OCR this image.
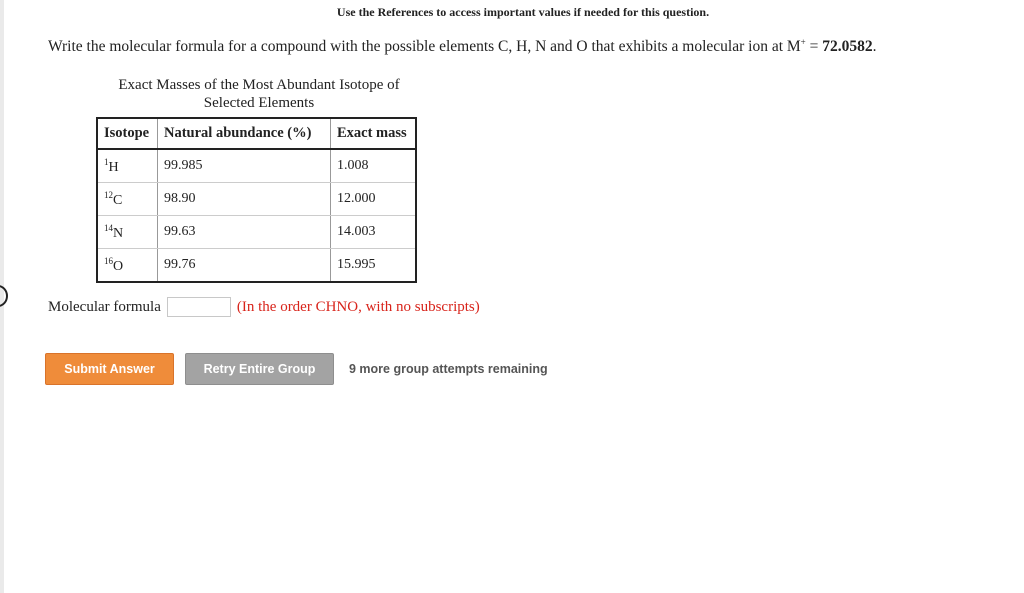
Use the References to access important values if needed for this question.
Write the molecular formula for a compound with the possible elements C, H, N and O that exhibits a molecular ion at M+ = 72.0582.
Exact Masses of the Most Abundant Isotope of
Selected Elements
Isotope	Natural abundance (%)	Exact mass
$^1$H	99.985	1.008
$^{12}$C	98.90	12.000
$^{14}$N	99.63	14.003
$^{16}$O	99.76	15.995
Molecular formula	(In the order CHNO, with no subscripts)
Submit Answer	Retry Entire Group	9 more group attempts remaining
